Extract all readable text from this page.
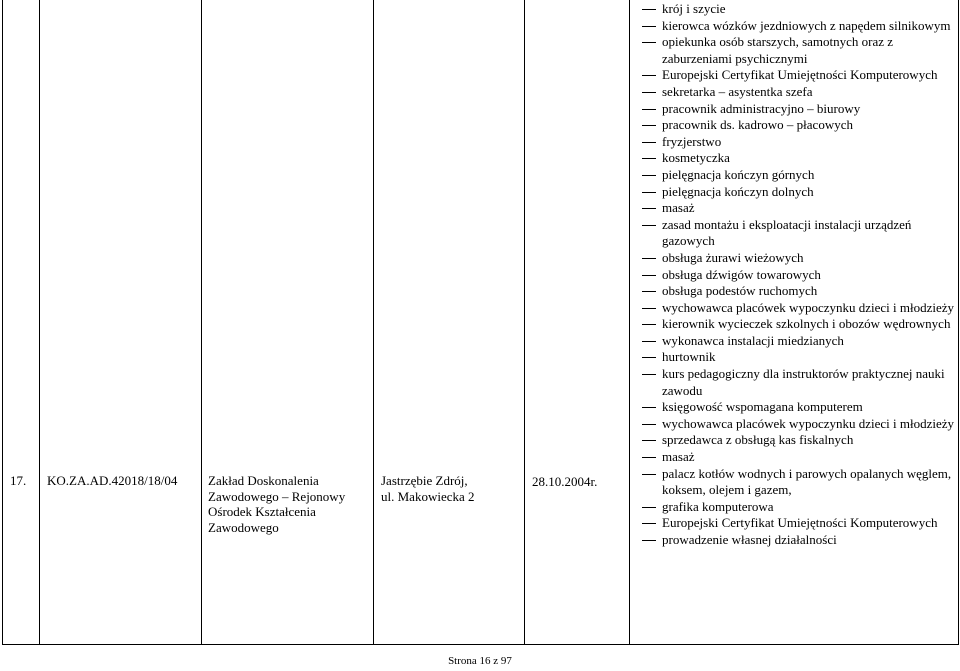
17. KO.ZA.AD.42018/18/04 Zakład Doskonalenia
Zawodowego – Rejonowy
Ośrodek Kształcenia
Zawodowego
Jastrzębie Zdrój,
ul. Makowiecka 2
28.10.2004r.
krój i szycie
kierowca wózków jezdniowych z napędem silnikowym
opiekunka osób starszych, samotnych oraz z zaburzeniami psychicznymi
Europejski Certyfikat Umiejętności Komputerowych
sekretarka – asystentka szefa
pracownik administracyjno – biurowy
pracownik ds. kadrowo – płacowych
fryzjerstwo
kosmetyczka
pielęgnacja kończyn górnych
pielęgnacja kończyn dolnych
masaż
zasad montażu i eksploatacji instalacji urządzeń gazowych
obsługa żurawi wieżowych
obsługa dźwigów towarowych
obsługa podestów ruchomych
wychowawca placówek wypoczynku dzieci i młodzieży
kierownik wycieczek szkolnych i obozów wędrownych
wykonawca instalacji miedzianych
hurtownik
kurs pedagogiczny dla instruktorów praktycznej nauki zawodu
księgowość wspomagana komputerem
wychowawca placówek wypoczynku dzieci i młodzieży
sprzedawca z obsługą kas fiskalnych
masaż
palacz kotłów wodnych i parowych opalanych węglem, koksem, olejem i gazem,
grafika komputerowa
Europejski Certyfikat Umiejętności Komputerowych
prowadzenie własnej działalności
Strona 16 z 97
